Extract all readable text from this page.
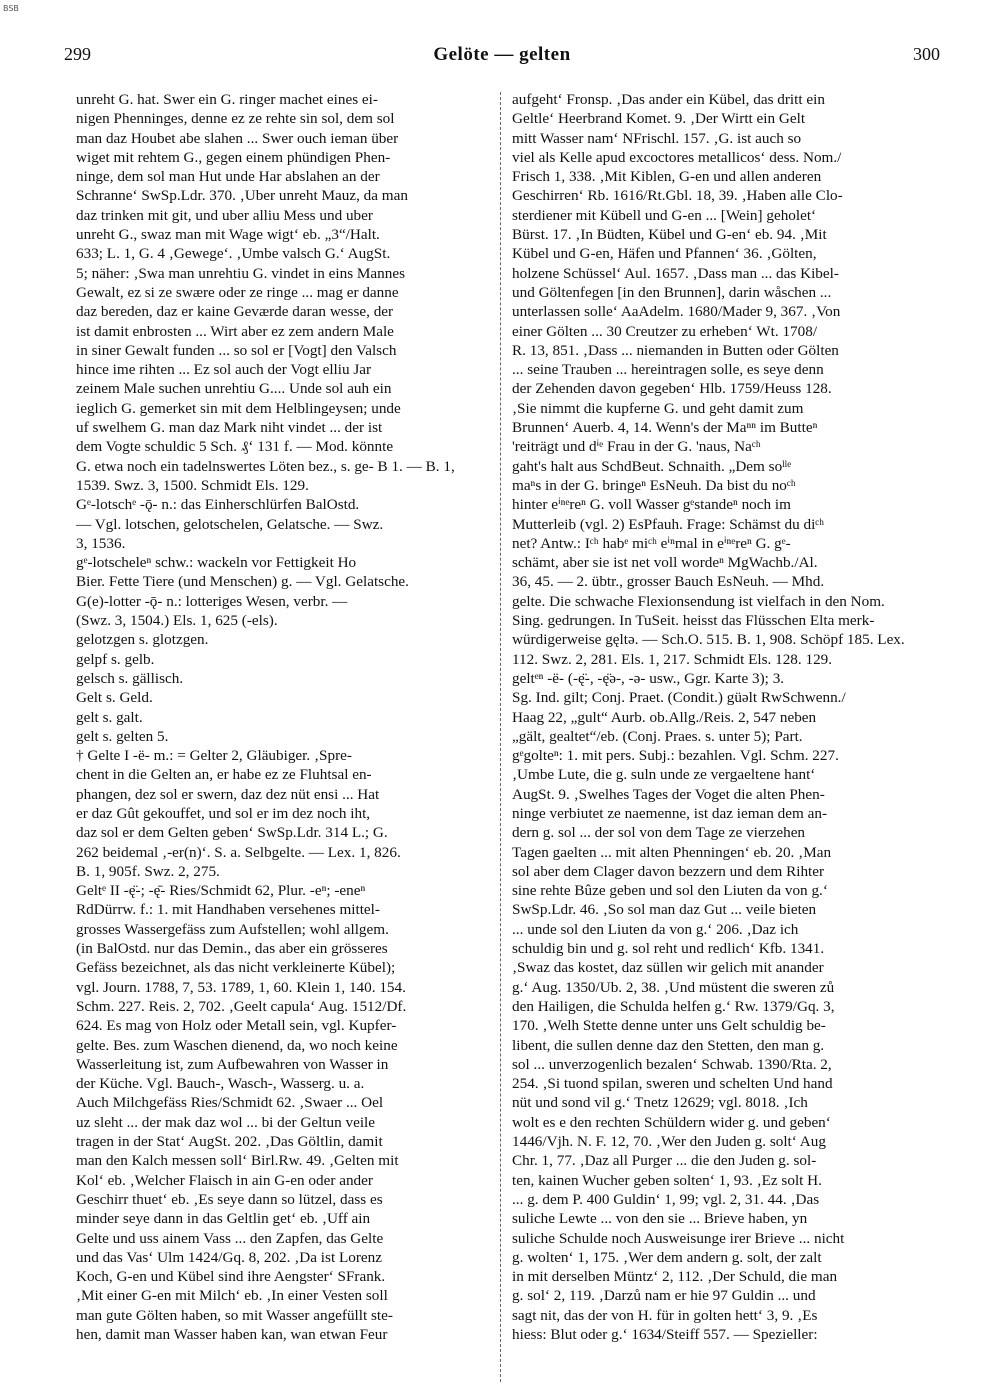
BSB
299	Gelöte — gelten	300
unreht G. hat. Swer ein G. ringer machet eines ei-
nigen Phenninges, denne ez ze rehte sin sol, dem sol
man daz Houbet abe slahen ... Swer ouch ieman über
wiget mit rehtem G., gegen einem phündigen Phen-
ninge, dem sol man Hut unde Har abslahen an der
Schranne‘ SwSp.Ldr. 370. ‚Uber unreht Mauz, da man
daz trinken mit git, und uber alliu Mess und uber
unreht G., swaz man mit Wage wigt‘ eb. „3“/Halt.
633; L. 1, G. 4 ‚Gewege‘. ‚Umbe valsch G.‘ AugSt.
5; näher: ‚Swa man unrehtiu G. vindet in eins Mannes
Gewalt, ez si ze swære oder ze ringe ... mag er danne
daz bereden, daz er kaine Geværde daran wesse, der
ist damit enbrosten ... Wirt aber ez zem andern Male
in siner Gewalt funden ... so sol er [Vogt] den Valsch
hince ime rihten ... Ez sol auch der Vogt elliu Jar
zeinem Male suchen unrehtiu G.... Unde sol auh ein
ieglich G. gemerket sin mit dem Helblingeysen; unde
uf swelhem G. man daz Mark niht vindet ... der ist
dem Vogte schuldic 5 Sch. ₰‘ 131 f. — Mod. könnte
G. etwa noch ein tadelnswertes Löten bez., s. ge- B 1. — B. 1,
1539. Swz. 3, 1500. Schmidt Els. 129.
Gᵉ-lotschᵉ -ǭ- n.: das Einherschlürfen BalOstd.
— Vgl. lotschen, gelotschelen, Gelatsche. — Swz.
3, 1536.
gᵉ-lotscheleⁿ schw.: wackeln vor Fettigkeit Ho
Bier. Fette Tiere (und Menschen) g. — Vgl. Gelatsche.
G(e)-lotter -ǭ- n.: lotteriges Wesen, verbr. —
(Swz. 3, 1504.) Els. 1, 625 (-els).
gelotzgen s. glotzgen.
gelpf s. gelb.
gelsch s. gällisch.
Gelt s. Geld.
gelt s. galt.
gelt s. gelten 5.
† Gelte I -ë- m.: = Gelter 2, Gläubiger. ‚Spre-
chent in die Gelten an, er habe ez ze Fluhtsal en-
phangen, dez sol er swern, daz dez nüt ensi ... Hat
er daz Gût gekouffet, und sol er im dez noch iht,
daz sol er dem Gelten geben‘ SwSp.Ldr. 314 L.; G.
262 beidemal ‚-er(n)‘. S. a. Selbgelte. — Lex. 1, 826.
B. 1, 905f. Swz. 2, 275.
Geltᵉ II -ę̈-; -ę̄- Ries/Schmidt 62, Plur. -eⁿ; -eneⁿ
RdDürrw. f.: 1. mit Handhaben versehenes mittel-
grosses Wassergefäss zum Aufstellen; wohl allgem.
(in BalOstd. nur das Demin., das aber ein grösseres
Gefäss bezeichnet, als das nicht verkleinerte Kübel);
vgl. Journ. 1788, 7, 53. 1789, 1, 60. Klein 1, 140. 154.
Schm. 227. Reis. 2, 702. ‚Geelt capula‘ Aug. 1512/Df.
624. Es mag von Holz oder Metall sein, vgl. Kupfer-
gelte. Bes. zum Waschen dienend, da, wo noch keine
Wasserleitung ist, zum Aufbewahren von Wasser in
der Küche. Vgl. Bauch-, Wasch-, Wasserg. u. a.
Auch Milchgefäss Ries/Schmidt 62. ‚Swaer ... Oel
uz sleht ... der mak daz wol ... bi der Geltun veile
tragen in der Stat‘ AugSt. 202. ‚Das Göltlin, damit
man den Kalch messen soll‘ Birl.Rw. 49. ‚Gelten mit
Kol‘ eb. ‚Welcher Flaisch in ain G-en oder ander
Geschirr thuet‘ eb. ‚Es seye dann so lützel, dass es
minder seye dann in das Geltlin get‘ eb. ‚Uff ain
Gelte und uss ainem Vass ... den Zapfen, das Gelte
und das Vas‘ Ulm 1424/Gq. 8, 202. ‚Da ist Lorenz
Koch, G-en und Kübel sind ihre Aengster‘ SFrank.
‚Mit einer G-en mit Milch‘ eb. ‚In einer Vesten soll
man gute Gölten haben, so mit Wasser angefüllt ste-
hen, damit man Wasser haben kan, wan etwan Feur
aufgeht‘ Fronsp. ‚Das ander ein Kübel, das dritt ein
Geltle‘ Heerbrand Komet. 9. ‚Der Wirtt ein Gelt
mitt Wasser nam‘ NFrischl. 157. ‚G. ist auch so
viel als Kelle apud excoctores metallicos‘ dess. Nom./
Frisch 1, 338. ‚Mit Kiblen, G-en und allen anderen
Geschirren‘ Rb. 1616/Rt.Gbl. 18, 39. ‚Haben alle Clo-
sterdiener mit Kübell und G-en ... [Wein] geholet‘
Bürst. 17. ‚In Büdten, Kübel und G-en‘ eb. 94. ‚Mit
Kübel und G-en, Häfen und Pfannen‘ 36. ‚Gölten,
holzene Schüssel‘ Aul. 1657. ‚Dass man ... das Kibel-
und Göltenfegen [in den Brunnen], darin wåschen ...
unterlassen solle‘ AaAdelm. 1680/Mader 9, 367. ‚Von
einer Gölten ... 30 Creutzer zu erheben‘ Wt. 1708/
R. 13, 851. ‚Dass ... niemanden in Butten oder Gölten
... seine Trauben ... hereintragen solle, es seye denn
der Zehenden davon gegeben‘ Hlb. 1759/Heuss 128.
‚Sie nimmt die kupferne G. und geht damit zum
Brunnen‘ Auerb. 4, 14. Wenn's der Maⁿⁿ im Butteⁿ
'reiträgt und dⁱᵉ Frau in der G. 'naus, Naᶜʰ
gaht's halt aus SchdBeut. Schnaith. „Dem soˡˡᵉ
maⁿs in der G. bringeⁿ EsNeuh. Da bist du noᶜʰ
hinter eⁱⁿᵉreⁿ G. voll Wasser gᵉstandeⁿ noch im
Mutterleib (vgl. 2) EsPfauh. Frage: Schämst du diᶜʰ
net? Antw.: Iᶜʰ habᵉ miᶜʰ eⁱⁿmal in eⁱⁿᵉreⁿ G. gᵉ-
schämt, aber sie ist net voll wordeⁿ MgWachb./Al.
36, 45. — 2. übtr., grosser Bauch EsNeuh. — Mhd.
gelte. Die schwache Flexionsendung ist vielfach in den Nom.
Sing. gedrungen. In TuSeit. heisst das Flüsschen Elta merk-
würdigerweise gęltə. — Sch.O. 515. B. 1, 908. Schöpf 185. Lex.
112. Swz. 2, 281. Els. 1, 217. Schmidt Els. 128. 129.
geltᵉⁿ -ë- (-ę̈-, -ę̈ə-, -ə- usw., Ggr. Karte 3); 3.
Sg. Ind. gilt; Conj. Praet. (Condit.) güəlt RwSchwenn./
Haag 22, „gult“ Aurb. ob.Allg./Reis. 2, 547 neben
„gält, gealtet“/eb. (Conj. Praes. s. unter 5); Part.
gᵉgolteⁿ: 1. mit pers. Subj.: bezahlen. Vgl. Schm. 227.
‚Umbe Lute, die g. suln unde ze vergaeltene hant‘
AugSt. 9. ‚Swelhes Tages der Voget die alten Phen-
ninge verbiutet ze naemenne, ist daz ieman dem an-
dern g. sol ... der sol von dem Tage ze vierzehen
Tagen gaelten ... mit alten Phenningen‘ eb. 20. ‚Man
sol aber dem Clager davon bezzern und dem Rihter
sine rehte Bûze geben und sol den Liuten da von g.‘
SwSp.Ldr. 46. ‚So sol man daz Gut ... veile bieten
... unde sol den Liuten da von g.‘ 206. ‚Daz ich
schuldig bin und g. sol reht und redlich‘ Kfb. 1341.
‚Swaz das kostet, daz süllen wir gelich mit anander
g.‘ Aug. 1350/Ub. 2, 38. ‚Und müstent die sweren zů
den Hailigen, die Schulda helfen g.‘ Rw. 1379/Gq. 3,
170. ‚Welh Stette denne unter uns Gelt schuldig be-
libent, die sullen denne daz den Stetten, den man g.
sol ... unverzogenlich bezalen‘ Schwab. 1390/Rta. 2,
254. ‚Si tuond spilan, sweren und schelten Und hand
nüt und sond vil g.‘ Tnetz 12629; vgl. 8018. ‚Ich
wolt es e den rechten Schüldern wider g. und geben‘
1446/Vjh. N. F. 12, 70. ‚Wer den Juden g. solt‘ Aug
Chr. 1, 77. ‚Daz all Purger ... die den Juden g. sol-
ten, kainen Wucher geben solten‘ 1, 93. ‚Ez solt H.
... g. dem P. 400 Guldin‘ 1, 99; vgl. 2, 31. 44. ‚Das
suliche Lewte ... von den sie ... Brieve haben, yn
suliche Schulde noch Ausweisunge irer Brieve ... nicht
g. wolten‘ 1, 175. ‚Wer dem andern g. solt, der zalt
in mit derselben Müntz‘ 2, 112. ‚Der Schuld, die man
g. sol‘ 2, 119. ‚Darzů nam er hie 97 Guldin ... und
sagt nit, das der von H. für in golten hett‘ 3, 9. ‚Es
hiess: Blut oder g.‘ 1634/Steiff 557. — Spezieller:
